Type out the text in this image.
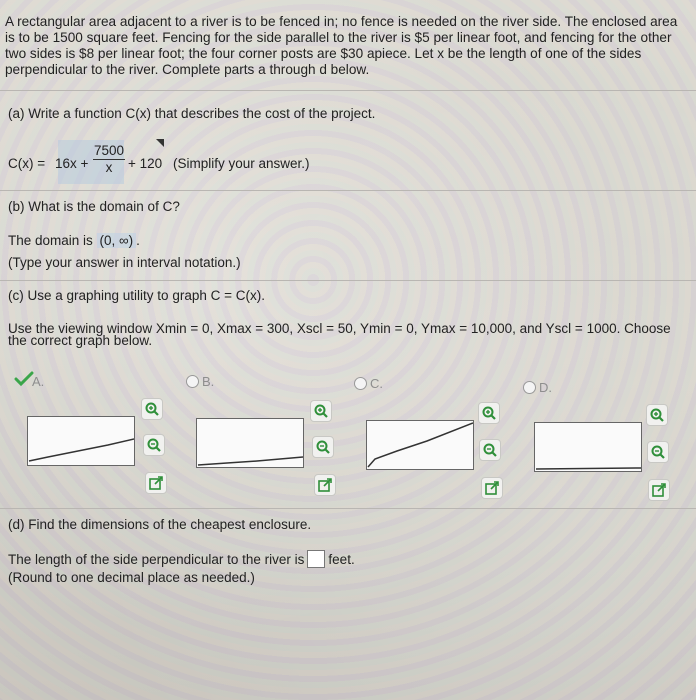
A rectangular area adjacent to a river is to be fenced in; no fence is needed on the river side. The enclosed area
is to be 1500 square feet. Fencing for the side parallel to the river is $5 per linear foot, and fencing for the other
two sides is $8 per linear foot; the four corner posts are $30 apiece. Let x be the length of one of the sides
perpendicular to the river. Complete parts a through d below.
(a) Write a function C(x) that describes the cost of the project.
C(x) = 16x +
7500
x	+ 120 (Simplify your answer.)
(b) What is the domain of C?
The domain is (0, ∞) .
(Type your answer in interval notation.)
(c) Use a graphing utility to graph C = C(x).
Use the viewing window Xmin = 0, Xmax = 300, Xscl = 50, Ymin = 0, Ymax = 10,000, and Yscl = 1000. Choose
the correct graph below.
A.	B.	C.	D.
(d) Find the dimensions of the cheapest enclosure.
The length of the side perpendicular to the river is feet.
(Round to one decimal place as needed.)
